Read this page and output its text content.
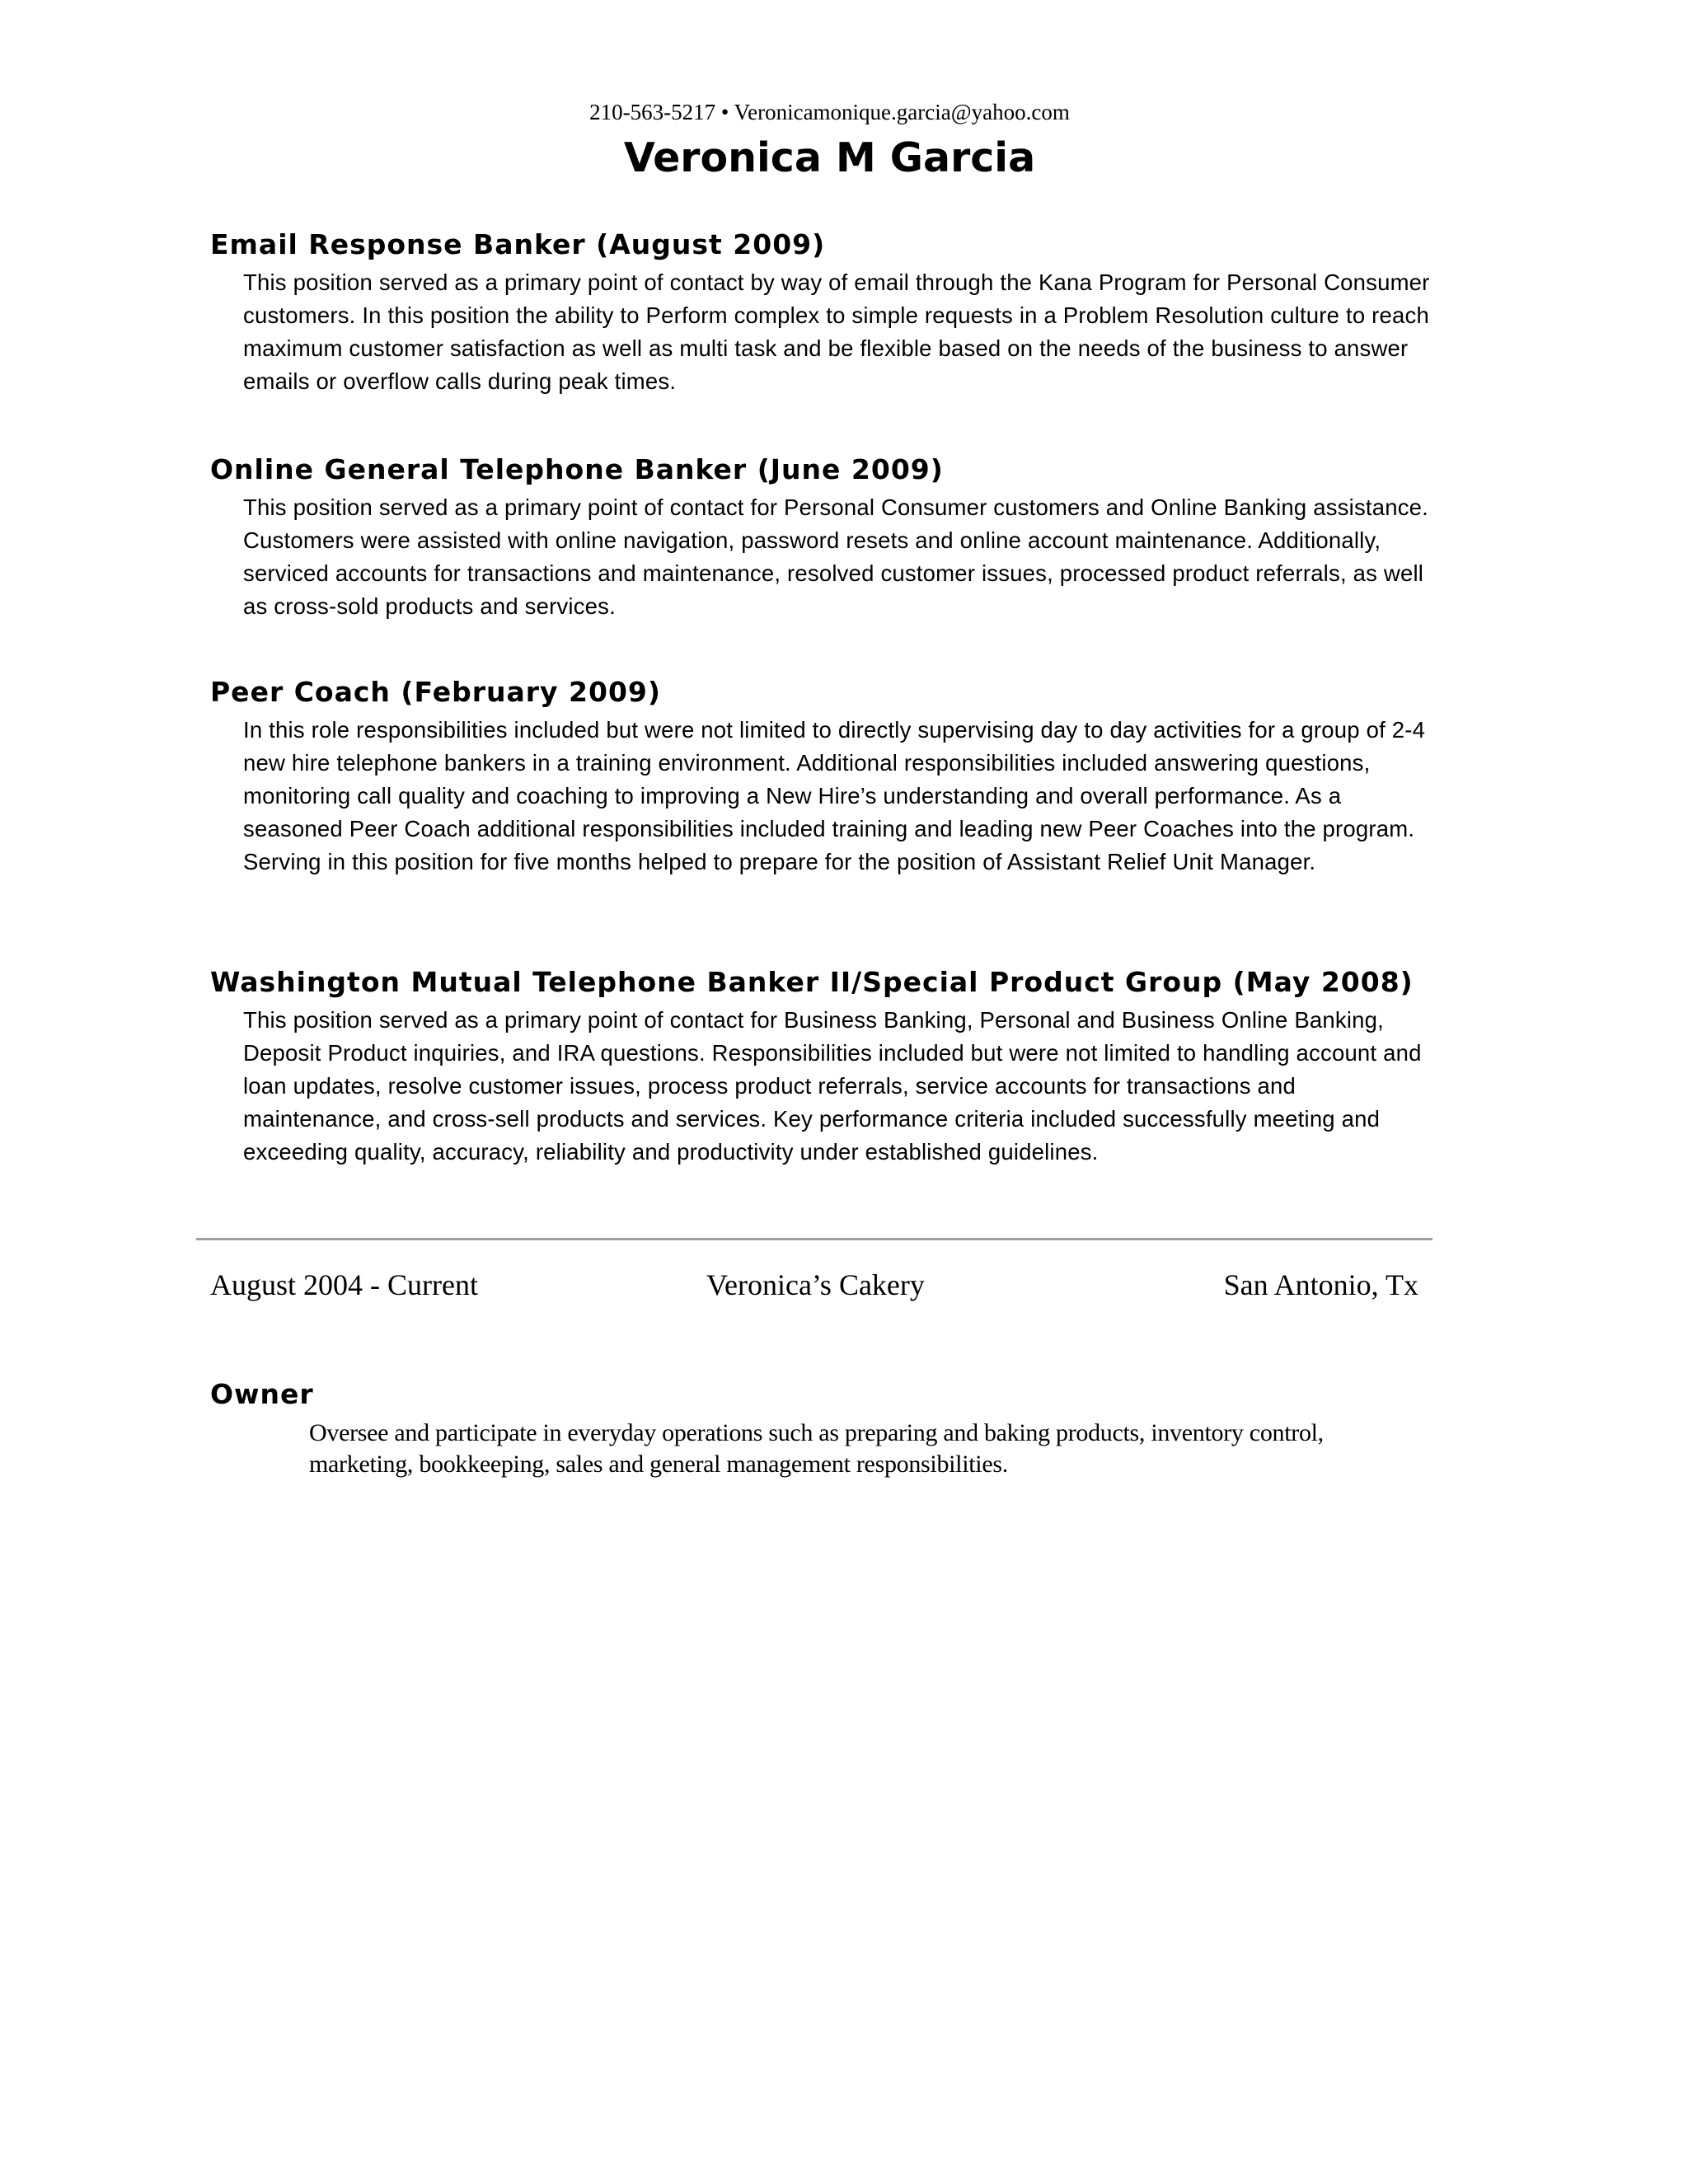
210-563-5217 • Veronicamonique.garcia@yahoo.com
Veronica M Garcia
Email Response Banker (August 2009)

This position served as a primary point of contact by way of email through the Kana Program for Personal Consumer customers. In this position the ability to Perform complex to simple requests in a Problem Resolution culture to reach maximum customer satisfaction as well as multi task and be flexible based on the needs of the business to answer emails or overflow calls during peak times.

Online General Telephone Banker (June 2009)

This position served as a primary point of contact for Personal Consumer customers and Online Banking assistance. Customers were assisted with online navigation, password resets and online account maintenance. Additionally, serviced accounts for transactions and maintenance, resolved customer issues, processed product referrals, as well as cross-sold products and services.

Peer Coach (February 2009)

In this role responsibilities included but were not limited to directly supervising day to day activities for a group of 2-4 new hire telephone bankers in a training environment. Additional responsibilities included answering questions, monitoring call quality and coaching to improving a New Hire’s understanding and overall performance. As a seasoned Peer Coach additional responsibilities included training and leading new Peer Coaches into the program. Serving in this position for five months helped to prepare for the position of Assistant Relief Unit Manager.

Washington Mutual Telephone Banker II/Special Product Group (May 2008)

This position served as a primary point of contact for Business Banking, Personal and Business Online Banking, Deposit Product inquiries, and IRA questions. Responsibilities included but were not limited to handling account and loan updates, resolve customer issues, process product referrals, service accounts for transactions and maintenance, and cross-sell products and services. Key performance criteria included successfully meeting and exceeding quality, accuracy, reliability and productivity under established guidelines.

August 2004 - Current	Veronica’s Cakery	San Antonio, Tx
Owner

Oversee and participate in everyday operations such as preparing and baking products, inventory control, marketing, bookkeeping, sales and general management responsibilities.
